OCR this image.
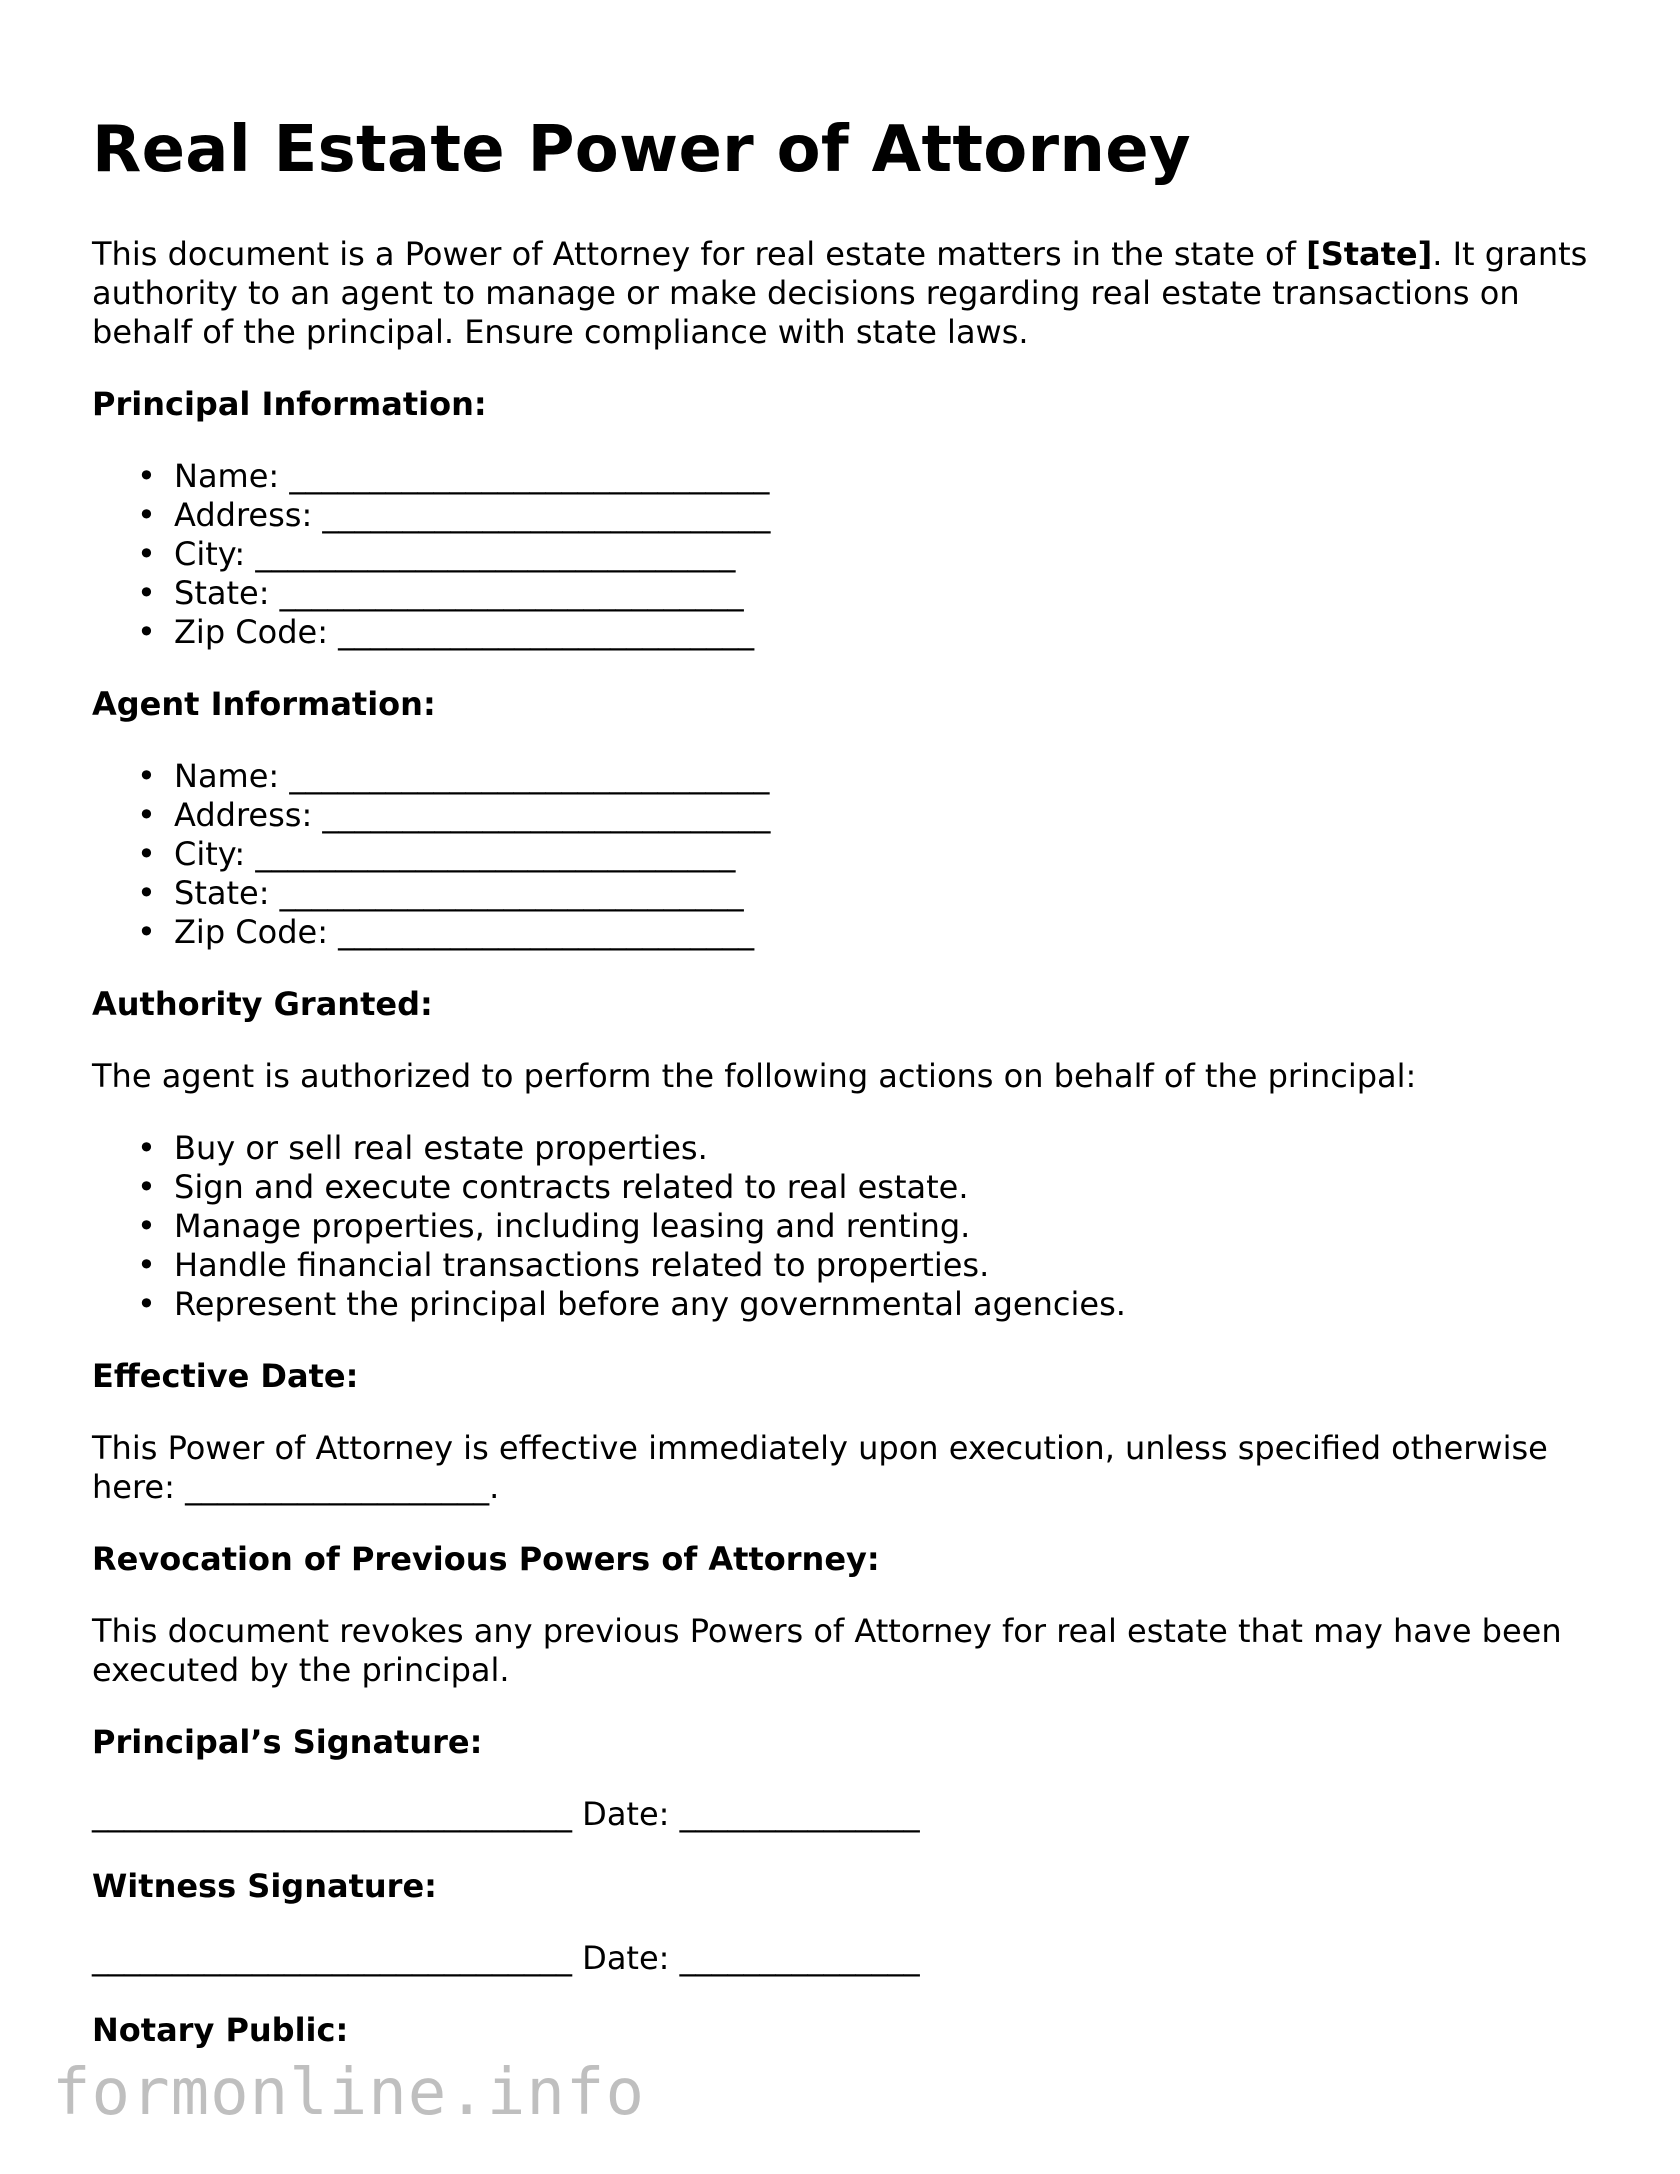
Real Estate Power of Attorney

This document is a Power of Attorney for real estate matters in the state of [State]. It grants authority to an agent to manage or make decisions regarding real estate transactions on behalf of the principal. Ensure compliance with state laws.

Principal Information:
• Name: ______________________________
• Address: ____________________________
• City: ______________________________
• State: _____________________________
• Zip Code: __________________________
Agent Information:
• Name: ______________________________
• Address: ____________________________
• City: ______________________________
• State: _____________________________
• Zip Code: __________________________
Authority Granted:

The agent is authorized to perform the following actions on behalf of the principal:

• Buy or sell real estate properties.
• Sign and execute contracts related to real estate.
• Manage properties, including leasing and renting.
• Handle financial transactions related to properties.
• Represent the principal before any governmental agencies.
Effective Date:

This Power of Attorney is effective immediately upon execution, unless specified otherwise here: ___________________.

Revocation of Previous Powers of Attorney:

This document revokes any previous Powers of Attorney for real estate that may have been executed by the principal.

Principal’s Signature:
______________________________ Date: _______________
Witness Signature:
______________________________ Date: _______________
Notary Public:
formonline.info
